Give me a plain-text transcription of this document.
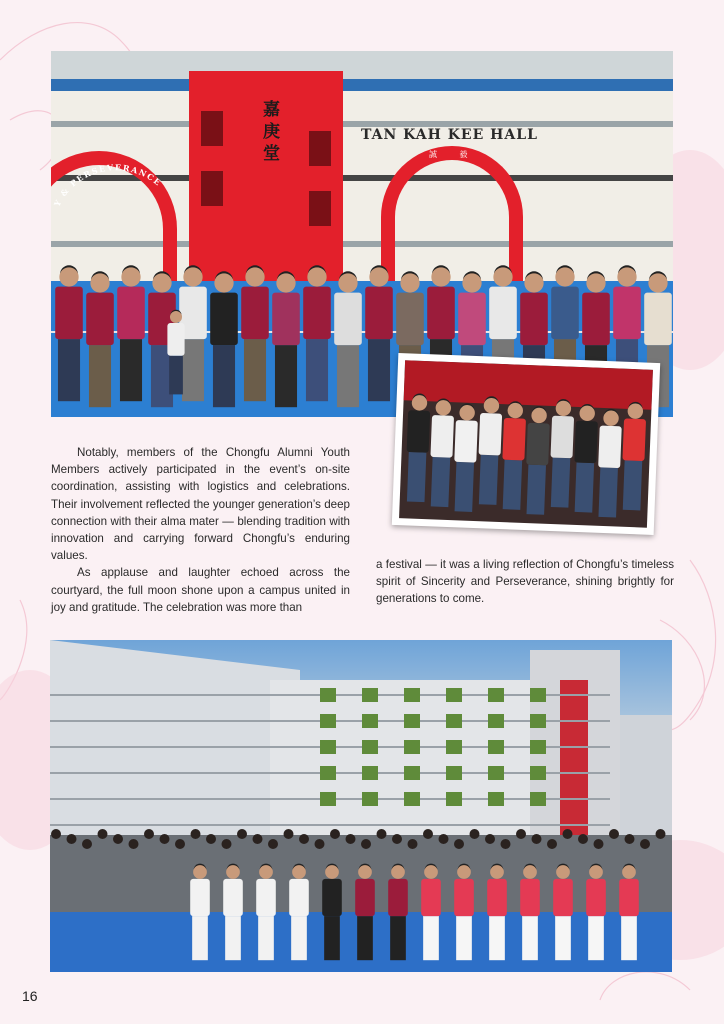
Y & PERSEVERANCE
誠 毅
嘉庚堂
TAN KAH KEE HALL

Notably, members of the Chongfu Alumni Youth Members actively participated in the event’s on-site coordination, assisting with logistics and celebrations. Their involvement reflected the younger generation’s deep connection with their alma mater — blending tradition with innovation and carrying forward Chongfu’s enduring values.

As applause and laughter echoed across the courtyard, the full moon shone upon a campus united in joy and gratitude. The celebration was more than

a festival — it was a living reflection of Chongfu’s timeless spirit of Sincerity and Perseverance, shining brightly for generations to come.

16
